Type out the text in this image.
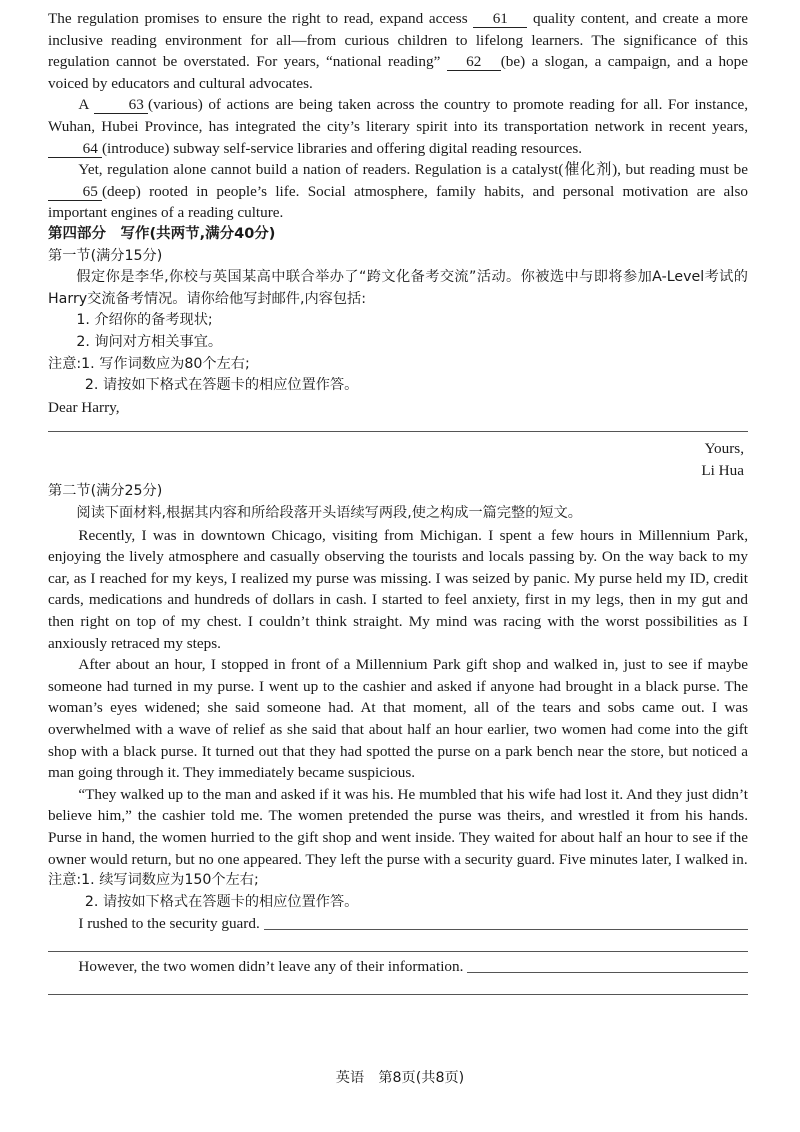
The regulation promises to ensure the right to read, expand access 61 quality content, and create a more inclusive reading environment for all—from curious children to lifelong learners. The significance of this regulation cannot be overstated. For years, “national reading” 62 (be) a slogan, a campaign, and a hope voiced by educators and cultural advocates.

A	63 (various) of actions are being taken across the country to promote reading for all. For instance, Wuhan, Hubei Province, has integrated the city’s literary spirit into its transportation network in recent years, 64 (introduce) subway self-service libraries and offering digital reading resources.

Yet, regulation alone cannot build a nation of readers. Regulation is a catalyst(催化剂), but reading must be 65 (deep) rooted in people’s life. Social atmosphere, family habits, and personal motivation are also important engines of a reading culture.

第四部分　写作(共两节,满分40分)

第一节(满分15分)

假定你是李华,你校与英国某高中联合举办了“跨文化备考交流”活动。你被选中与即将参加A-Level考试的Harry交流备考情况。请你给他写封邮件,内容包括:

1. 介绍你的备考现状;

2. 询问对方相关事宜。

注意:1. 写作词数应为80个左右;

2. 请按如下格式在答题卡的相应位置作答。

Dear Harry,

Yours,

Li Hua

第二节(满分25分)

阅读下面材料,根据其内容和所给段落开头语续写两段,使之构成一篇完整的短文。

Recently, I was in downtown Chicago, visiting from Michigan. I spent a few hours in Millennium Park, enjoying the lively atmosphere and casually observing the tourists and locals passing by. On the way back to my car, as I reached for my keys, I realized my purse was missing. I was seized by panic. My purse held my ID, credit cards, medications and hundreds of dollars in cash. I started to feel anxiety, first in my legs, then in my gut and then right on top of my chest. I couldn’t think straight. My mind was racing with the worst possibilities as I anxiously retraced my steps.

After about an hour, I stopped in front of a Millennium Park gift shop and walked in, just to see if maybe someone had turned in my purse. I went up to the cashier and asked if anyone had brought in a black purse. The woman’s eyes widened; she said someone had. At that moment, all of the tears and sobs came out. I was overwhelmed with a wave of relief as she said that about half an hour earlier, two women had come into the gift shop with a black purse. It turned out that they had spotted the purse on a park bench near the store, but noticed a man going through it. They immediately became suspicious.

“They walked up to the man and asked if it was his. He mumbled that his wife had lost it. And they just didn’t believe him,” the cashier told me. The women pretended the purse was theirs, and wrestled it from his hands. Purse in hand, the women hurried to the gift shop and went inside. They waited for about half an hour to see if the owner would return, but no one appeared. They left the purse with a security guard. Five minutes later, I walked in.

注意:1. 续写词数应为150个左右;

2. 请按如下格式在答题卡的相应位置作答。

I rushed to the security guard.
However, the two women didn’t leave any of their information.
英语　第8页(共8页)
